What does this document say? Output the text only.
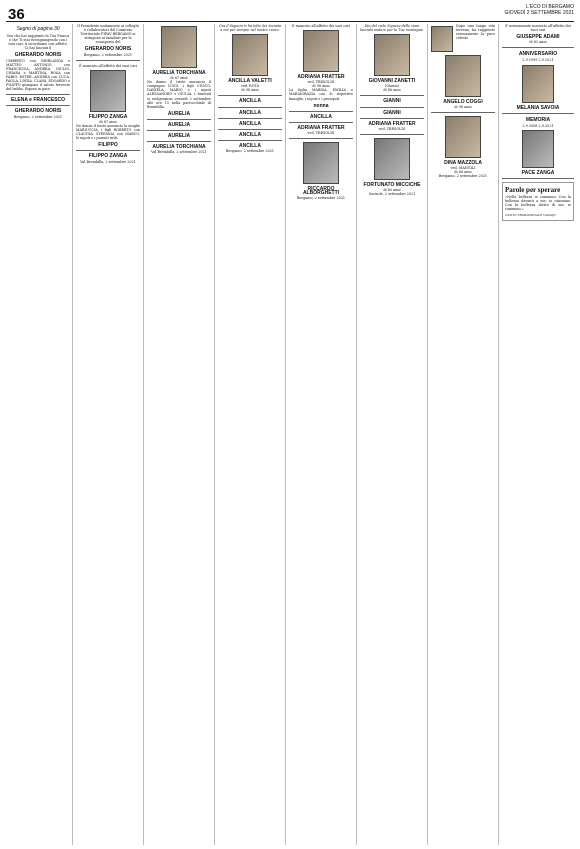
36	L'ECO DI BERGAMO
GIOVEDÌ 2 SETTEMBRE 2021
Segno di pagina 30

Ora che hai raggiunto la Tua Franca e che Ti stai ricongiungendo con i tuoi cari, ti ricordiamo con affetto. Ci hai lasciati il

GHERARDO NORIS

UMBERTO con GHIRLANDA e MATTEO ANTONIO con FRANCESCA, ANDREA, GIULIO, CHIARA e MARTINA, ROSA con FABIO, ESTER, ANDREA con LUCA, PAOLA, LINDA, CLARA, EDOARDO e FILIPPO giungono il saluto fervente del babbo. Riposa in pace.

ELENA e FRANCESCO
GHERARDO NORIS

Bergamo, 2 settembre 2021

Il Presidente unitamente ai colleghi e collaboratori del Comitato Territoriale FIPAV BERGAMO si stringono ai familiari per la scomparsa del

GHERARDO NORIS

Bergamo, 2 settembre 2021

È mancato all'affetto dei suoi cari

FILIPPO ZANGA
di 87 anni

Ne danno il triste annuncio la moglie MARIUCCIA, i figli ROBERTO con CLAUDIA, STEFANIA con MARCO, le nipoti e i parenti tutti.

FILIPPO
FILIPPO ZANGA

Val Brembilla, 2 settembre 2021

AURELIA TORCHIANA
di 87 anni

Ne danno il triste annuncio il compagno LUIGI, i figli CIVICO, DANIELA, MARIO e i nipoti ALESSANDRO e GIULIA. I funerali si svolgeranno venerdì 3 settembre alle ore 15 nella parrocchiale di Brembilla.

AURELIA
AURELIA
AURELIA
AURELIA TORCHIANA

Val Brembilla, 2 settembre 2021

Ora il Signore ti ha tolto Sei tornata a noi per sempre nel nostro cuore.

ANCILLA VALETTI
ved. ROTA
di 98 anni
ANCILLA
ANCILLA
ANCILLA
ANCILLA
ANCILLA

Bergamo, 2 settembre 2021

È mancato all'affetto dei suoi cari

ADRIANA FRATTER
ved. TRESOLDI
di 98 anni

La figlia MARISA, EMILIA e MARIAGRAZIA con le rispettive famiglie, i nipoti e i pronipoti.

nonna
ANCILLA
ADRIANA FRATTER
ved. TRESOLDI
RICCARDO ALBORGHETTI

Bergamo, 2 settembre 2021

Dio del cielo Signore delle cime lascialo andare per le Tue montagne.

GIOVANNI ZANETTI
(Gianni)
di 86 anni
GIANNI
GIANNI
ADRIANA FRATTER
ved. TRESOLDI
FORTUNATO MICCICHE
di 80 anni

Sorisole, 2 settembre 2021

Dopo una lunga vita terrena, ha raggiunto serenamente la pace celeste

ANGELO COGGI
di 96 anni
DINA MAZZOLA
ved. MANGILI
di 88 anni

Bergamo, 2 settembre 2021

È serenamente mancato all'affetto dei suoi cari

GIUSEPPE ADAMI
di 82 anni
ANNIVERSARIO
2.9.1999 2.9.2021
MELANIA SAVOIA
MEMORIA
2.9.2008 2.9.2021
PACE ZANGA
Parole per sperare

«Nella bellezza io cammino. Con la bellezza davanti a me, io cammino. Con la bellezza dietro di me, io cammino.»

CANTO TRADIZIONALE NAVAJO
